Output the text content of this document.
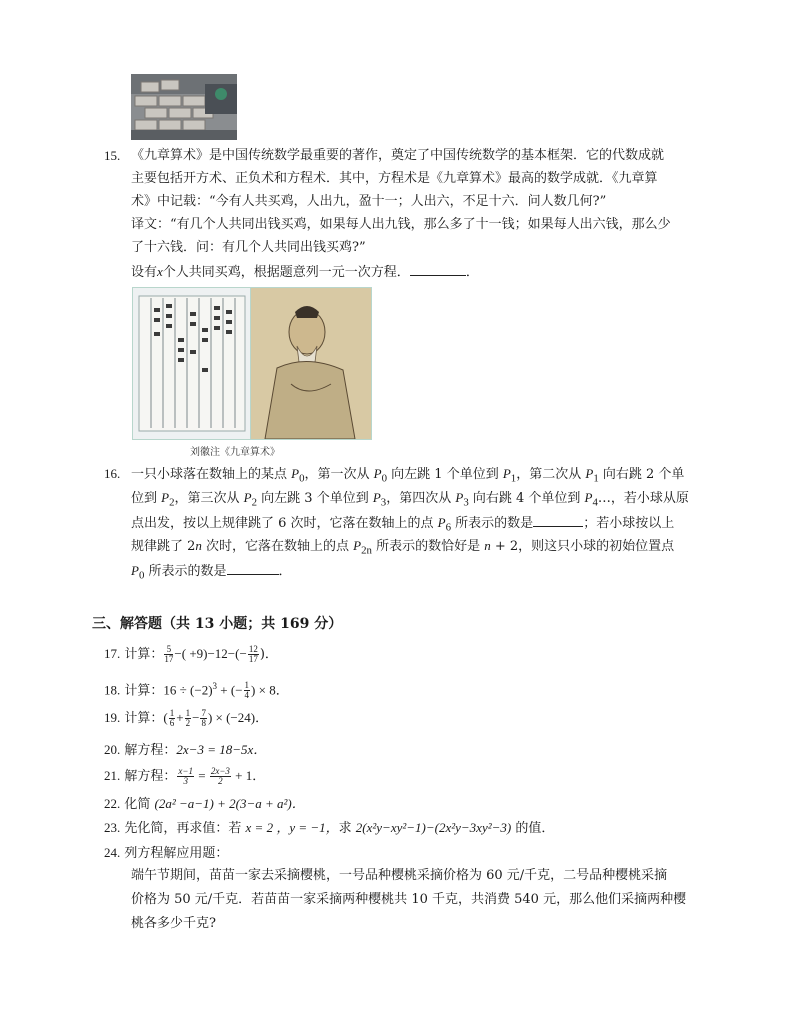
15. 《九章算术》是中国传统数学最重要的著作，奠定了中国传统数学的基本框架．它的代数成就
主要包括开方术、正负术和方程术．其中，方程术是《九章算术》最高的数学成就．《九章算
术》中记载：“今有人共买鸡，人出九，盈十一；人出六，不足十六．问人数几何?”
译文：“有几个人共同出钱买鸡，如果每人出九钱，那么多了十一钱；如果每人出六钱，那么少
了十六钱．问：有几个人共同出钱买鸡?”
设有x个人共同买鸡，根据题意列一元一次方程．	．
刘徽注《九章算术》
16. 一只小球落在数轴上的某点 $P_0$，第一次从 $P_0$ 向左跳 1 个单位到 $P_1$，第二次从 $P_1$ 向右跳 2 个单
位到 $P_2$，第三次从 $P_2$ 向左跳 3 个单位到 $P_3$，第四次从 $P_3$ 向右跳 4 个单位到 $P_4\dots$，若小球从原
点出发，按以上规律跳了 6 次时，它落在数轴上的点 $P_6$ 所表示的数是	；若小球按以上
规律跳了 2n 次时，它落在数轴上的点 $P_{2n}$ 所表示的数恰好是 n + 2，则这只小球的初始位置点
$P_0$ 所表示的数是	．
三、解答题（共 13 小题；共 169 分）
17. 计算： $\frac{5}{17}$ −( $+9)-12-(- \frac{12}{17}$ )．
18. 计算：$16 \div (-2)^3$ + (− $\frac{1}{4}$ ) × 8．
19. 计算：( $\frac{1}{6} + \frac{1}{2} - \frac{7}{8}$ ) × (−24)．
20. 解方程：2x−3 = 18−5x．
21. 解方程： $\frac{x-1}{3} = \frac{2x-3}{2} + 1$．
22. 化简 (2a² −a−1) + 2(3−a + a²)．
23. 先化简，再求值：若 x = 2 ，y = −1，求 2(x²y−xy²−1)−(2x²y−3xy²−3) 的值．
24. 列方程解应用题：
端午节期间，苗苗一家去采摘樱桃，一号品种樱桃采摘价格为 60 元/千克，二号品种樱桃采摘
价格为 50 元/千克．若苗苗一家采摘两种樱桃共 10 千克，共消费 540 元，那么他们采摘两种樱
桃各多少千克?
